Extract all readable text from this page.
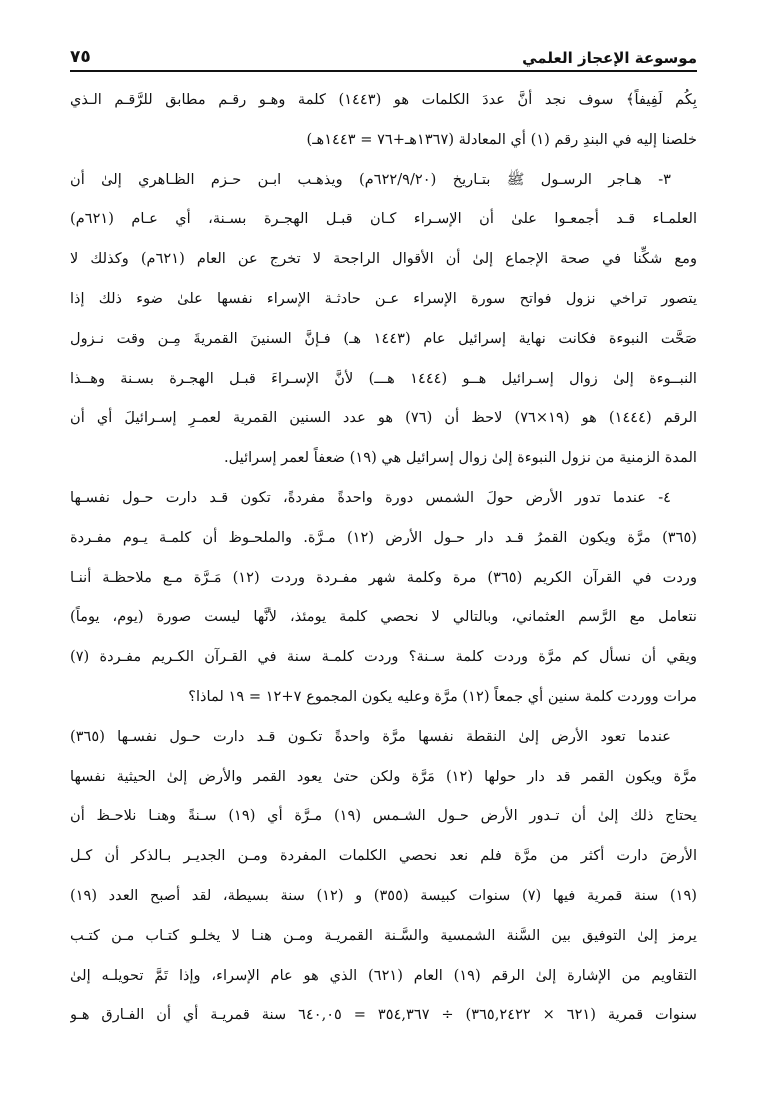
موسوعة الإعجاز العلمي
٧٥
بِكُم لَفِيفاً﴾ سوف نجد أنَّ عددَ الكلمات هو (١٤٤٣) كلمة وهـو رقـم مطابق للرَّقـم الـذي
خلصنا إليه في البندِ رقم (١) أي المعادلة (١٣٦٧هـ+٧٦ = ١٤٤٣هـ)
٣- هـاجر الرسـول ﷺ بتـاريخ (٦٢٢/٩/٢٠م) ويذهـب ابـن حـزم الظـاهري إلىٰ أن
العلمـاء قـد أجمعـوا علىٰ أن الإسـراء كـان قبـل الهجـرة بسـنة، أي عـام (٦٢١م)
ومع شكِّنا في صحة الإجماع إلىٰ أن الأقوال الراجحة لا تخرج عن العام (٦٢١م) وكذلك لا
يتصور تراخي نزول فواتح سورة الإسراء عـن حادثـة الإسراء نفسها علىٰ ضوء ذلك إذا
صَحَّت النبوءة فكانت نهاية إسرائيل عام (١٤٤٣ هـ) فـإنَّ السنينَ القمريةَ مِـن وقت نـزول
النبــوءة إلىٰ زوال إسـرائيل هــو (١٤٤٤ هـــ) لأنَّ الإسـراءَ قبـل الهجـرة بسـنة وهــذا
الرقم (١٤٤٤) هو (١٩×٧٦) لاحظ أن (٧٦) هو عدد السنين القمرية لعمـرِ إسـرائيلَ أي أن
المدة الزمنية من نزول النبوءة إلىٰ زوال إسرائيل هي (١٩) ضعفاً لعمر إسرائيل.
٤- عندما تدور الأرض حولَ الشمس دورة واحدةً مفردةً، تكون قـد دارت حـول نفسـها
(٣٦٥) مرَّة ويكون القمرُ قـد دار حـول الأرض (١٢) مـرَّة. والملحـوظ أن كلمـة يـوم مفـردة
وردت في القرآن الكريم (٣٦٥) مرة وكلمة شهر مفـردة وردت (١٢) مَـرَّة مـع ملاحظـة أننـا
نتعامل مع الرَّسم العثماني، وبالتالي لا نحصي كلمة يومئذ، لأنَّها ليست صورة (يوم، يوماً)
ويقي أن نسأل كم مرَّة وردت كلمة سـنة؟ وردت كلمـة سنة في القـرآن الكـريم مفـردة (٧)
مرات ووردت كلمة سنين أي جمعاً (١٢) مرَّة وعليه يكون المجموع ٧+١٢ = ١٩ لماذا؟
عندما تعود الأرض إلىٰ النقطة نفسها مرَّة واحدةً تكـون قـد دارت حـول نفسـها (٣٦٥)
مرَّة ويكون القمر قد دار حولها (١٢) مَرَّة ولكن حتىٰ يعود القمر والأرض إلىٰ الحيثية نفسها
يحتاج ذلك إلىٰ أن تـدور الأرض حـول الشـمس (١٩) مـرَّة أي (١٩) سـنةً وهنـا نلاحـظ أن
الأرضَ دارت أكثر من مرَّة فلم نعد نحصي الكلمات المفردة ومـن الجديـر بـالذكر أن كـل
(١٩) سنة قمرية فيها (٧) سنوات كبيسة (٣٥٥) و (١٢) سنة بسيطة، لقد أصبح العدد (١٩)
يرمز إلىٰ التوفيق بين السَّنة الشمسية والسَّـنة القمريـة ومـن هنـا لا يخلـو كتـاب مـن كتـب
التقاويم من الإشارة إلىٰ الرقم (١٩) العام (٦٢١) الذي هو عام الإسراء، وإذا تَمَّ تحويلـه إلىٰ
سنوات قمرية (٦٢١ × ٣٦٥,٢٤٢٢) ÷ ٣٥٤,٣٦٧ = ٦٤٠,٠٥ سنة قمريـة أي أن الفـارق هـو
